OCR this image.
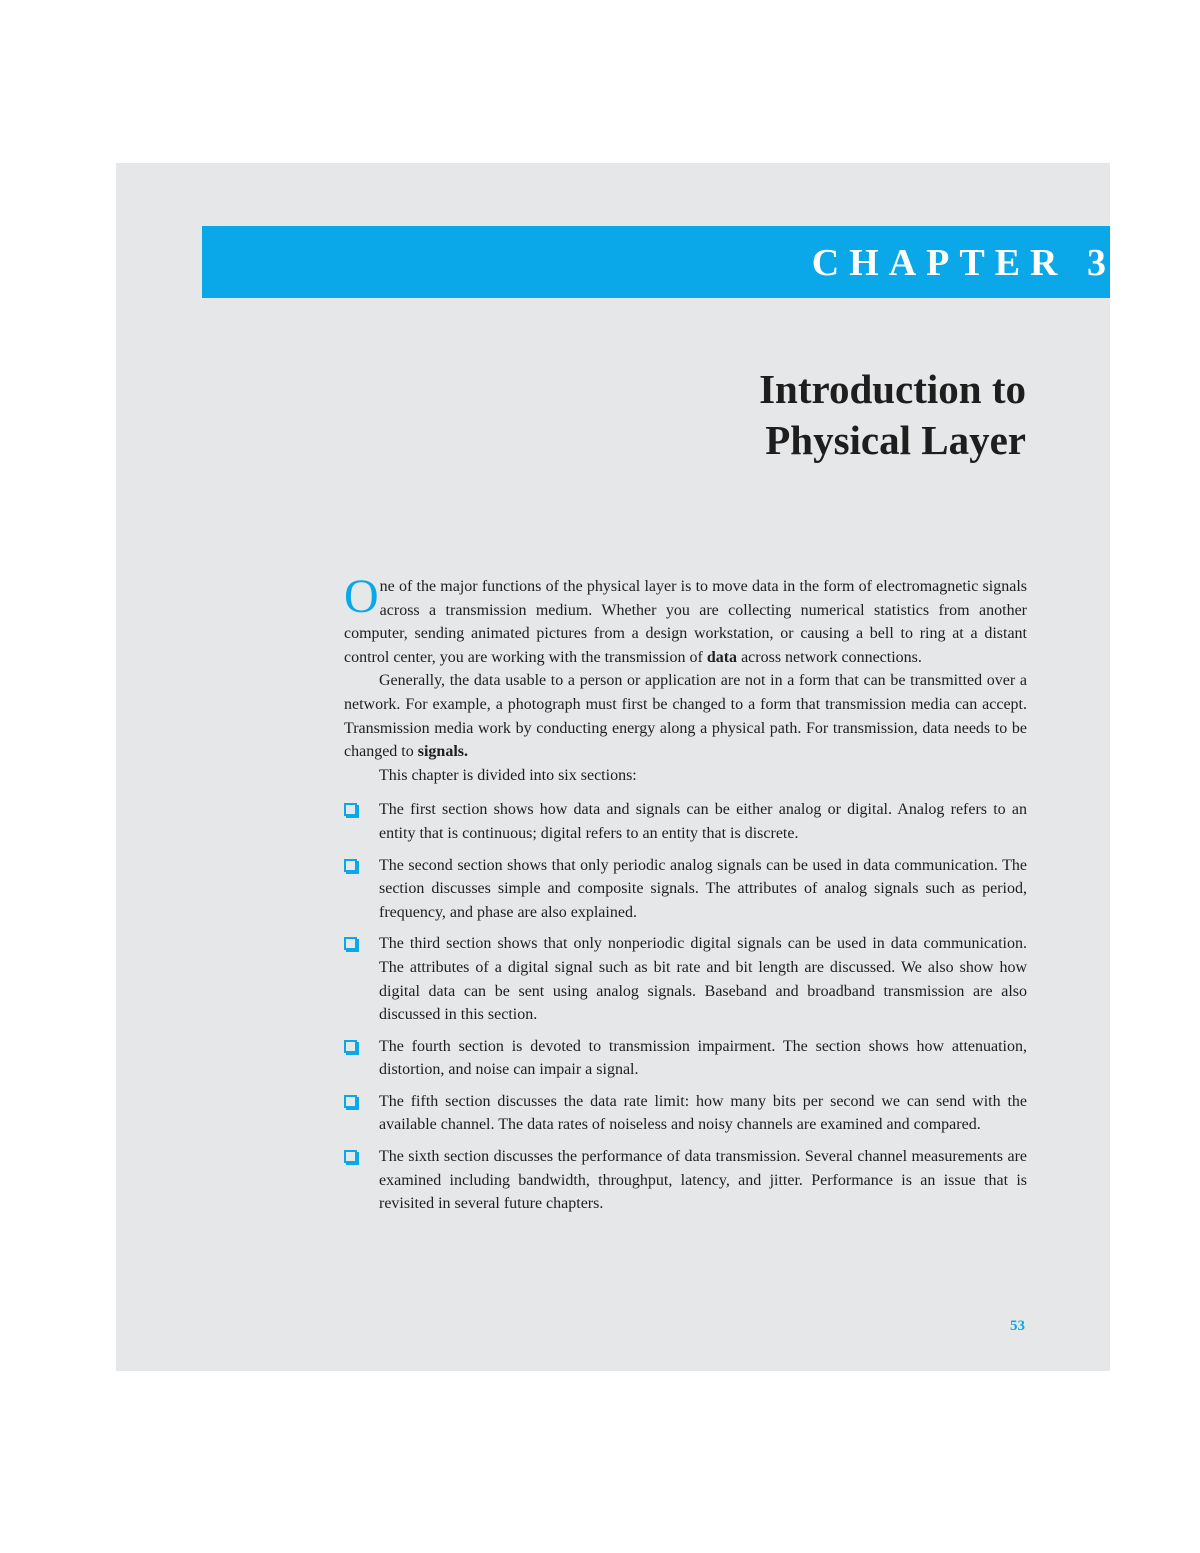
CHAPTER 3
Introduction to
Physical Layer

One of the major functions of the physical layer is to move data in the form of electromagnetic signals across a transmission medium. Whether you are collecting numerical statistics from another computer, sending animated pictures from a design workstation, or causing a bell to ring at a distant control center, you are working with the transmission of data across network connections.

Generally, the data usable to a person or application are not in a form that can be transmitted over a network. For example, a photograph must first be changed to a form that transmission media can accept. Transmission media work by conducting energy along a physical path. For transmission, data needs to be changed to signals.

This chapter is divided into six sections:

The first section shows how data and signals can be either analog or digital. Analog refers to an entity that is continuous; digital refers to an entity that is discrete.
The second section shows that only periodic analog signals can be used in data communication. The section discusses simple and composite signals. The attributes of analog signals such as period, frequency, and phase are also explained.
The third section shows that only nonperiodic digital signals can be used in data communication. The attributes of a digital signal such as bit rate and bit length are discussed. We also show how digital data can be sent using analog signals. Baseband and broadband transmission are also discussed in this section.
The fourth section is devoted to transmission impairment. The section shows how attenuation, distortion, and noise can impair a signal.
The fifth section discusses the data rate limit: how many bits per second we can send with the available channel. The data rates of noiseless and noisy channels are examined and compared.
The sixth section discusses the performance of data transmission. Several channel measurements are examined including bandwidth, throughput, latency, and jitter. Performance is an issue that is revisited in several future chapters.
53
